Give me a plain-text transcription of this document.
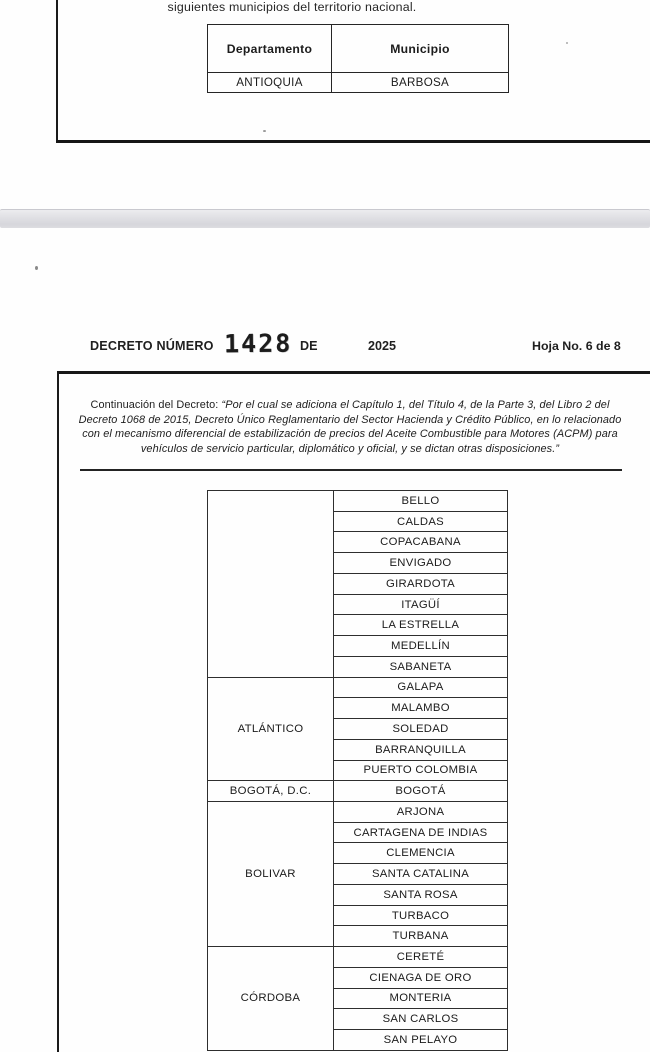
siguientes municipios del territorio nacional.
Departamento	Municipio
ANTIOQUIA	BARBOSA
DECRETO NÚMERO 1428 DE	2025	Hoja No. 6 de 8
Continuación del Decreto: “Por el cual se adiciona el Capítulo 1, del Título 4, de la Parte 3, del Libro 2 del Decreto 1068 de 2015, Decreto Único Reglamentario del Sector Hacienda y Crédito Público, en lo relacionado con el mecanismo diferencial de estabilización de precios del Aceite Combustible para Motores (ACPM) para vehículos de servicio particular, diplomático y oficial, y se dictan otras disposiciones.”
	BELLO
	CALDAS
	COPACABANA
	ENVIGADO
	GIRARDOTA
	ITAGÜÍ
	LA ESTRELLA
	MEDELLÍN
	SABANETA
ATLÁNTICO	GALAPA
	MALAMBO
	SOLEDAD
	BARRANQUILLA
	PUERTO COLOMBIA
BOGOTÁ, D.C.	BOGOTÁ
BOLIVAR	ARJONA
	CARTAGENA DE INDIAS
	CLEMENCIA
	SANTA CATALINA
	SANTA ROSA
	TURBACO
	TURBANA
CÓRDOBA	CERETÉ
	CIENAGA DE ORO
	MONTERIA
	SAN CARLOS
	SAN PELAYO
